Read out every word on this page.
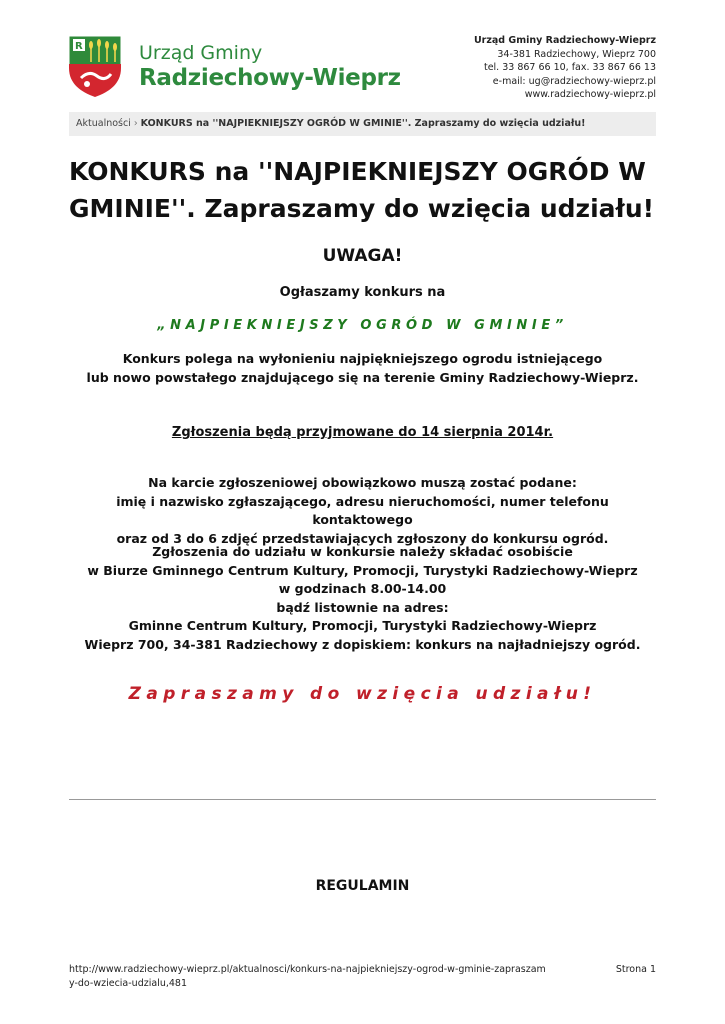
R	Urząd Gminy
Radziechowy-Wieprz
Urząd Gminy Radziechowy-Wieprz
34-381 Radziechowy, Wieprz 700
tel. 33 867 66 10, fax. 33 867 66 13
e-mail: ug@radziechowy-wieprz.pl
www.radziechowy-wieprz.pl
Aktualności › KONKURS na ''NAJPIEKNIEJSZY OGRÓD W GMINIE''. Zapraszamy do wzięcia udziału!
KONKURS na ''NAJPIEKNIEJSZY OGRÓD W GMINIE''. Zapraszamy do wzięcia udziału!
UWAGA!
Ogłaszamy konkurs na
„NAJPIEKNIEJSZY OGRÓD W GMINIE”
Konkurs polega na wyłonieniu najpiękniejszego ogrodu istniejącego
lub nowo powstałego znajdującego się na terenie Gminy Radziechowy-Wieprz.
Zgłoszenia będą przyjmowane do 14 sierpnia 2014r.
Na karcie zgłoszeniowej obowiązkowo muszą zostać podane:
imię i nazwisko zgłaszającego, adresu nieruchomości, numer telefonu kontaktowego
oraz od 3 do 6 zdjęć przedstawiających zgłoszony do konkursu ogród.
Zgłoszenia do udziału w konkursie należy składać osobiście
w Biurze Gminnego Centrum Kultury, Promocji, Turystyki Radziechowy-Wieprz
w godzinach 8.00-14.00
bądź listownie na adres:
Gminne Centrum Kultury, Promocji, Turystyki Radziechowy-Wieprz
Wieprz 700, 34-381 Radziechowy z dopiskiem: konkurs na najładniejszy ogród.
Zapraszamy do wzięcia udziału!
REGULAMIN
http://www.radziechowy-wieprz.pl/aktualnosci/konkurs-na-najpiekniejszy-ogrod-w-gminie-zapraszamy-do-wziecia-udzialu,481
Strona 1
